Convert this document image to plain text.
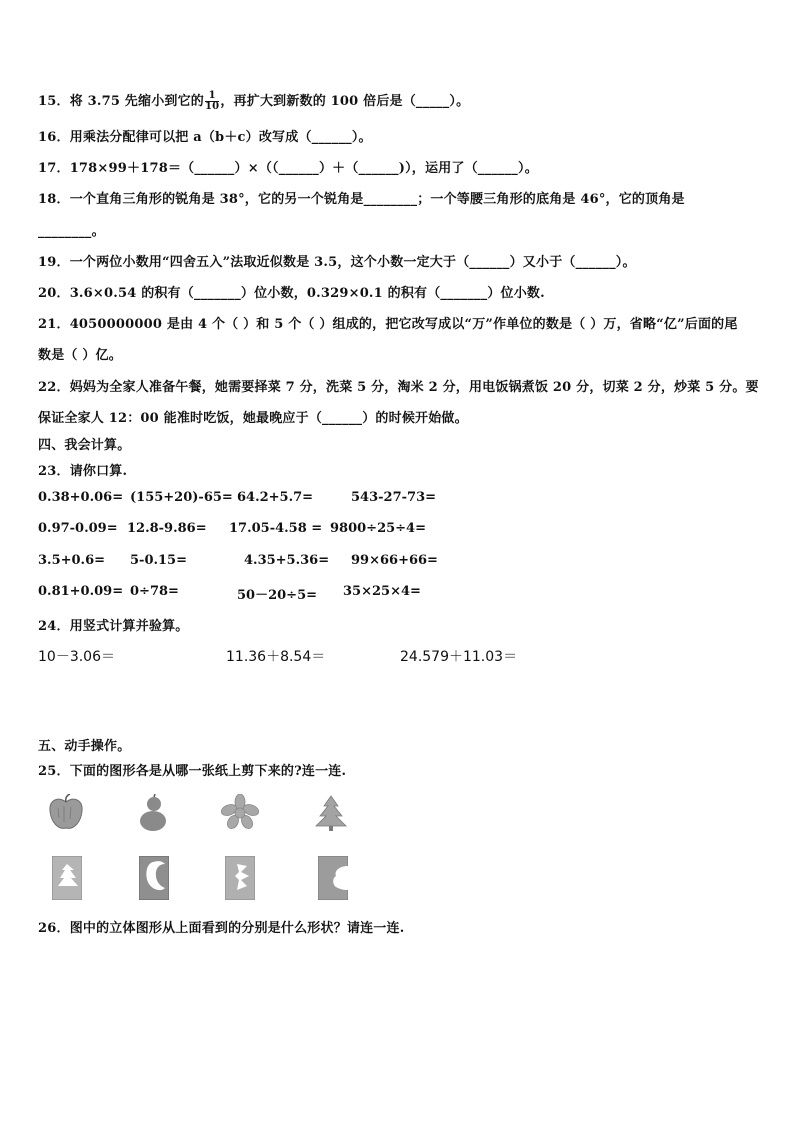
15．将 3.75 先缩小到它的 $\frac{1}{10}$ ，再扩大到新数的 100 倍后是（_____）。
16．用乘法分配律可以把 a（b＋c）改写成（______）。
17．178×99＋178＝（______）×（（______）＋（______)），运用了（______）。
18．一个直角三角形的锐角是 38°，它的另一个锐角是________；一个等腰三角形的底角是 46°，它的顶角是
________。
19．一个两位小数用“四舍五入”法取近似数是 3.5，这个小数一定大于（______）又小于（______）。
20．3.6×0.54 的积有（_______）位小数，0.329×0.1 的积有（_______）位小数.
21．4050000000 是由 4 个（ ）和 5 个（ ）组成的，把它改写成以“万”作单位的数是（ ）万，省略“亿”后面的尾
数是（ ）亿。
22．妈妈为全家人准备午餐，她需要择菜 7 分，洗菜 5 分，淘米 2 分，用电饭锅煮饭 20 分，切菜 2 分，炒菜 5 分。要
保证全家人 12：00 能准时吃饭，她最晚应于（______）的时候开始做。
四、我会计算。
23．请你口算.
0.38+0.06= (155+20)-65= 64.2+5.7=	543-27-73=
0.97-0.09= 12.8-9.86= 17.05-4.58 = 9800÷25÷4=
3.5+0.6= 5-0.15=	4.35+5.36= 99×66+66=
0.81+0.09= 0÷78=	50－20÷5= 35×25×4=
24．用竖式计算并验算。
10－3.06＝	11.36＋8.54＝	24.579＋11.03＝
五、动手操作。
25．下面的图形各是从哪一张纸上剪下来的?连一连.
26．图中的立体图形从上面看到的分别是什么形状？请连一连.
